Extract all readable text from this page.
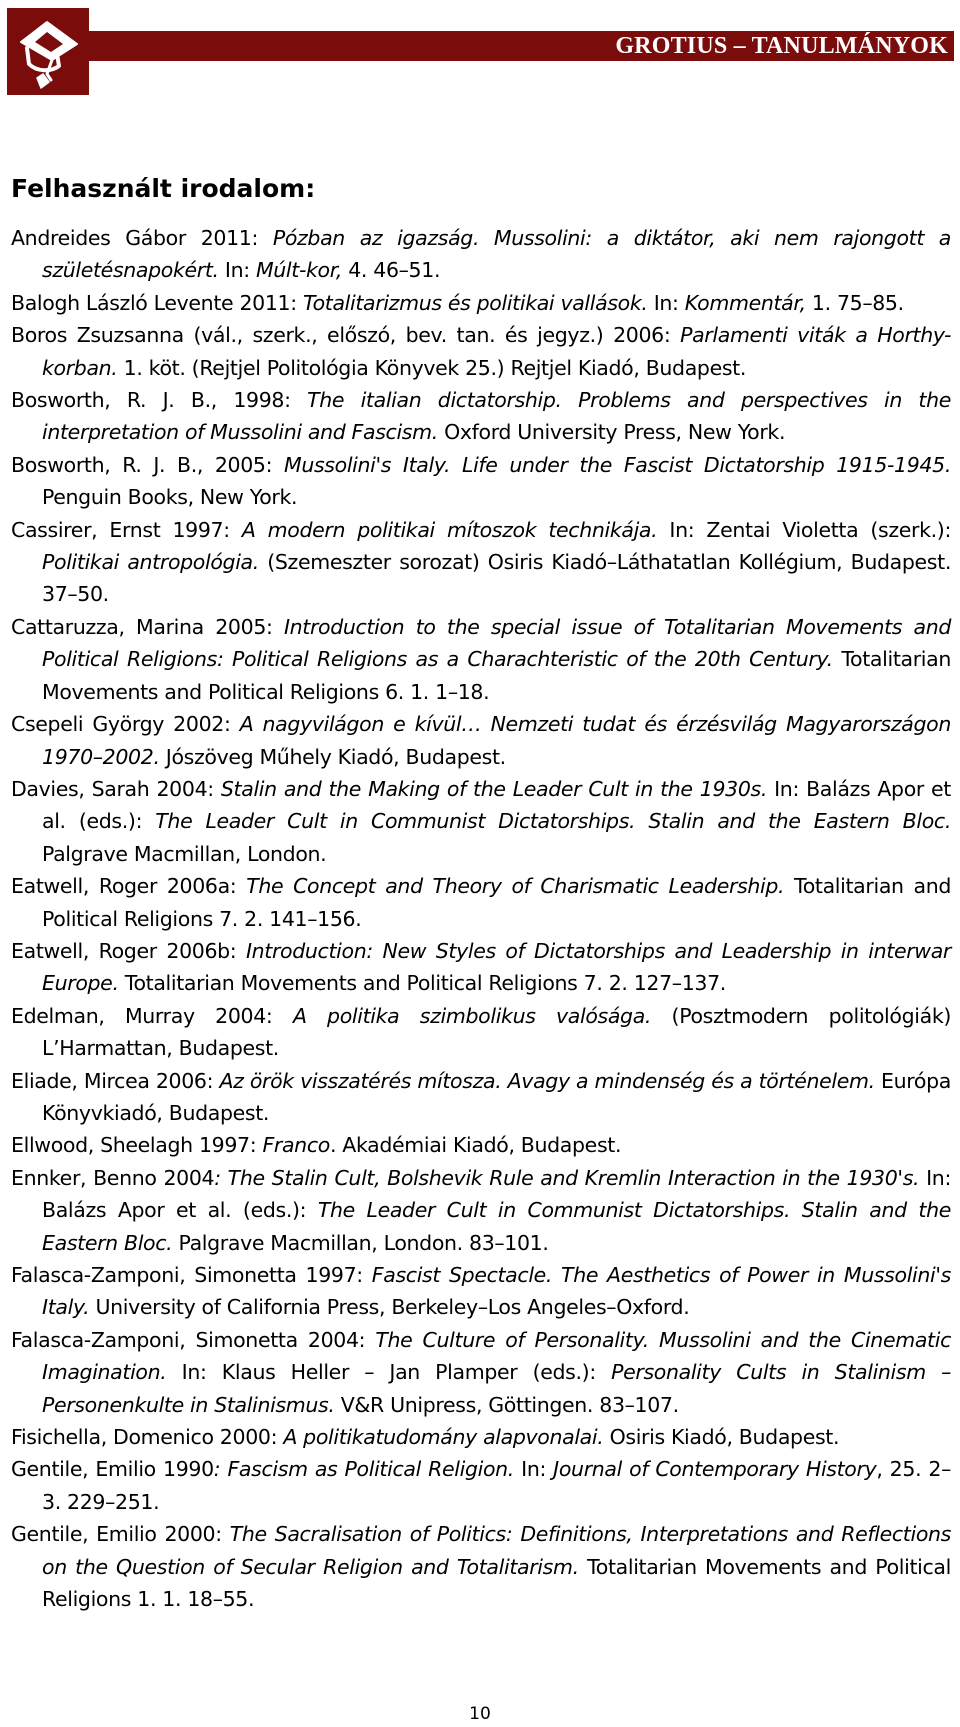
GROTIUS – TANULMÁNYOK
Felhasznált irodalom:

Andreides Gábor 2011: Pózban az igazság. Mussolini: a diktátor, aki nem rajongott a születésnapokért. In: Múlt-kor, 4. 46–51.

Balogh László Levente 2011: Totalitarizmus és politikai vallások. In: Kommentár, 1. 75–85.

Boros Zsuzsanna (vál., szerk., előszó, bev. tan. és jegyz.) 2006: Parlamenti viták a Horthy-korban. 1. köt. (Rejtjel Politológia Könyvek 25.) Rejtjel Kiadó, Budapest.

Bosworth, R. J. B., 1998: The italian dictatorship. Problems and perspectives in the interpretation of Mussolini and Fascism. Oxford University Press, New York.

Bosworth, R. J. B., 2005: Mussolini's Italy. Life under the Fascist Dictatorship 1915-1945. Penguin Books, New York.

Cassirer, Ernst 1997: A modern politikai mítoszok technikája. In: Zentai Violetta (szerk.): Politikai antropológia. (Szemeszter sorozat) Osiris Kiadó–Láthatatlan Kollégium, Budapest. 37–50.

Cattaruzza, Marina 2005: Introduction to the special issue of Totalitarian Movements and Political Religions: Political Religions as a Charachteristic of the 20th Century. Totalitarian Movements and Political Religions 6. 1. 1–18.

Csepeli György 2002: A nagyvilágon e kívül… Nemzeti tudat és érzésvilág Magyarországon 1970–2002. Jószöveg Műhely Kiadó, Budapest.

Davies, Sarah 2004: Stalin and the Making of the Leader Cult in the 1930s. In: Balázs Apor et al. (eds.): The Leader Cult in Communist Dictatorships. Stalin and the Eastern Bloc. Palgrave Macmillan, London.

Eatwell, Roger 2006a: The Concept and Theory of Charismatic Leadership. Totalitarian and Political Religions 7. 2. 141–156.

Eatwell, Roger 2006b: Introduction: New Styles of Dictatorships and Leadership in interwar Europe. Totalitarian Movements and Political Religions 7. 2. 127–137.

Edelman, Murray 2004: A politika szimbolikus valósága. (Posztmodern politológiák) L’Harmattan, Budapest.

Eliade, Mircea 2006: Az örök visszatérés mítosza. Avagy a mindenség és a történelem. Európa Könyvkiadó, Budapest.

Ellwood, Sheelagh 1997: Franco. Akadémiai Kiadó, Budapest.

Ennker, Benno 2004: The Stalin Cult, Bolshevik Rule and Kremlin Interaction in the 1930's. In: Balázs Apor et al. (eds.): The Leader Cult in Communist Dictatorships. Stalin and the Eastern Bloc. Palgrave Macmillan, London. 83–101.

Falasca-Zamponi, Simonetta 1997: Fascist Spectacle. The Aesthetics of Power in Mussolini's Italy. University of California Press, Berkeley–Los Angeles–Oxford.

Falasca-Zamponi, Simonetta 2004: The Culture of Personality. Mussolini and the Cinematic Imagination. In: Klaus Heller – Jan Plamper (eds.): Personality Cults in Stalinism – Personenkulte in Stalinismus. V&R Unipress, Göttingen. 83–107.

Fisichella, Domenico 2000: A politikatudomány alapvonalai. Osiris Kiadó, Budapest.

Gentile, Emilio 1990: Fascism as Political Religion. In: Journal of Contemporary History, 25. 2–3. 229–251.

Gentile, Emilio 2000: The Sacralisation of Politics: Definitions, Interpretations and Reflections on the Question of Secular Religion and Totalitarism. Totalitarian Movements and Political Religions 1. 1. 18–55.

10
